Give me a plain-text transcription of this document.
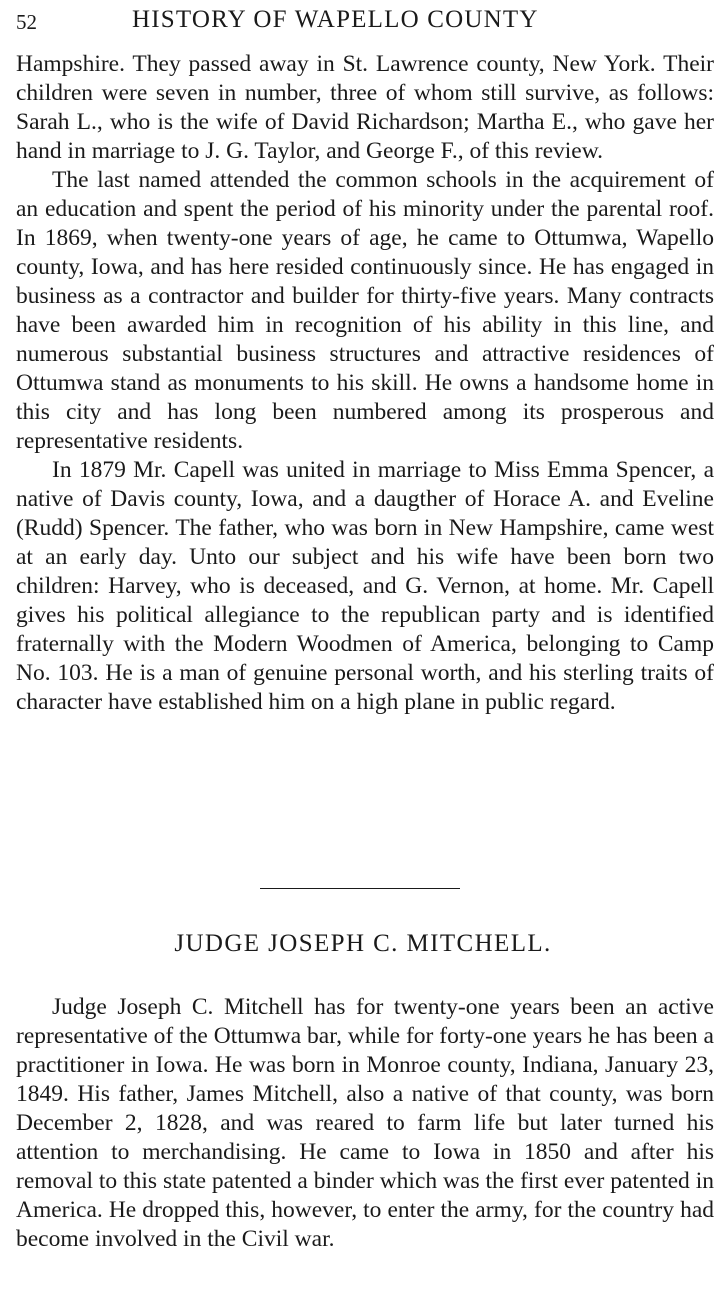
52	HISTORY OF WAPELLO COUNTY

Hampshire. They passed away in St. Lawrence county, New York. Their children were seven in number, three of whom still survive, as follows: Sarah L., who is the wife of David Richardson; Martha E., who gave her hand in marriage to J. G. Taylor, and George F., of this review.

The last named attended the common schools in the acquirement of an education and spent the period of his minority under the parental roof. In 1869, when twenty-one years of age, he came to Ottumwa, Wapello county, Iowa, and has here resided continuously since. He has engaged in business as a contractor and builder for thirty-five years. Many contracts have been awarded him in recognition of his ability in this line, and numerous substantial business structures and attractive residences of Ottumwa stand as monuments to his skill. He owns a handsome home in this city and has long been numbered among its prosperous and representative residents.

In 1879 Mr. Capell was united in marriage to Miss Emma Spencer, a native of Davis county, Iowa, and a daugther of Horace A. and Eveline (Rudd) Spencer. The father, who was born in New Hampshire, came west at an early day. Unto our subject and his wife have been born two children: Harvey, who is deceased, and G. Vernon, at home. Mr. Capell gives his political allegiance to the republican party and is identified fraternally with the Modern Woodmen of America, belonging to Camp No. 103. He is a man of genuine personal worth, and his sterling traits of character have established him on a high plane in public regard.

JUDGE JOSEPH C. MITCHELL.

Judge Joseph C. Mitchell has for twenty-one years been an active representative of the Ottumwa bar, while for forty-one years he has been a practitioner in Iowa. He was born in Monroe county, Indiana, January 23, 1849. His father, James Mitchell, also a native of that county, was born December 2, 1828, and was reared to farm life but later turned his attention to merchandising. He came to Iowa in 1850 and after his removal to this state patented a binder which was the first ever patented in America. He dropped this, however, to enter the army, for the country had become involved in the Civil war.
